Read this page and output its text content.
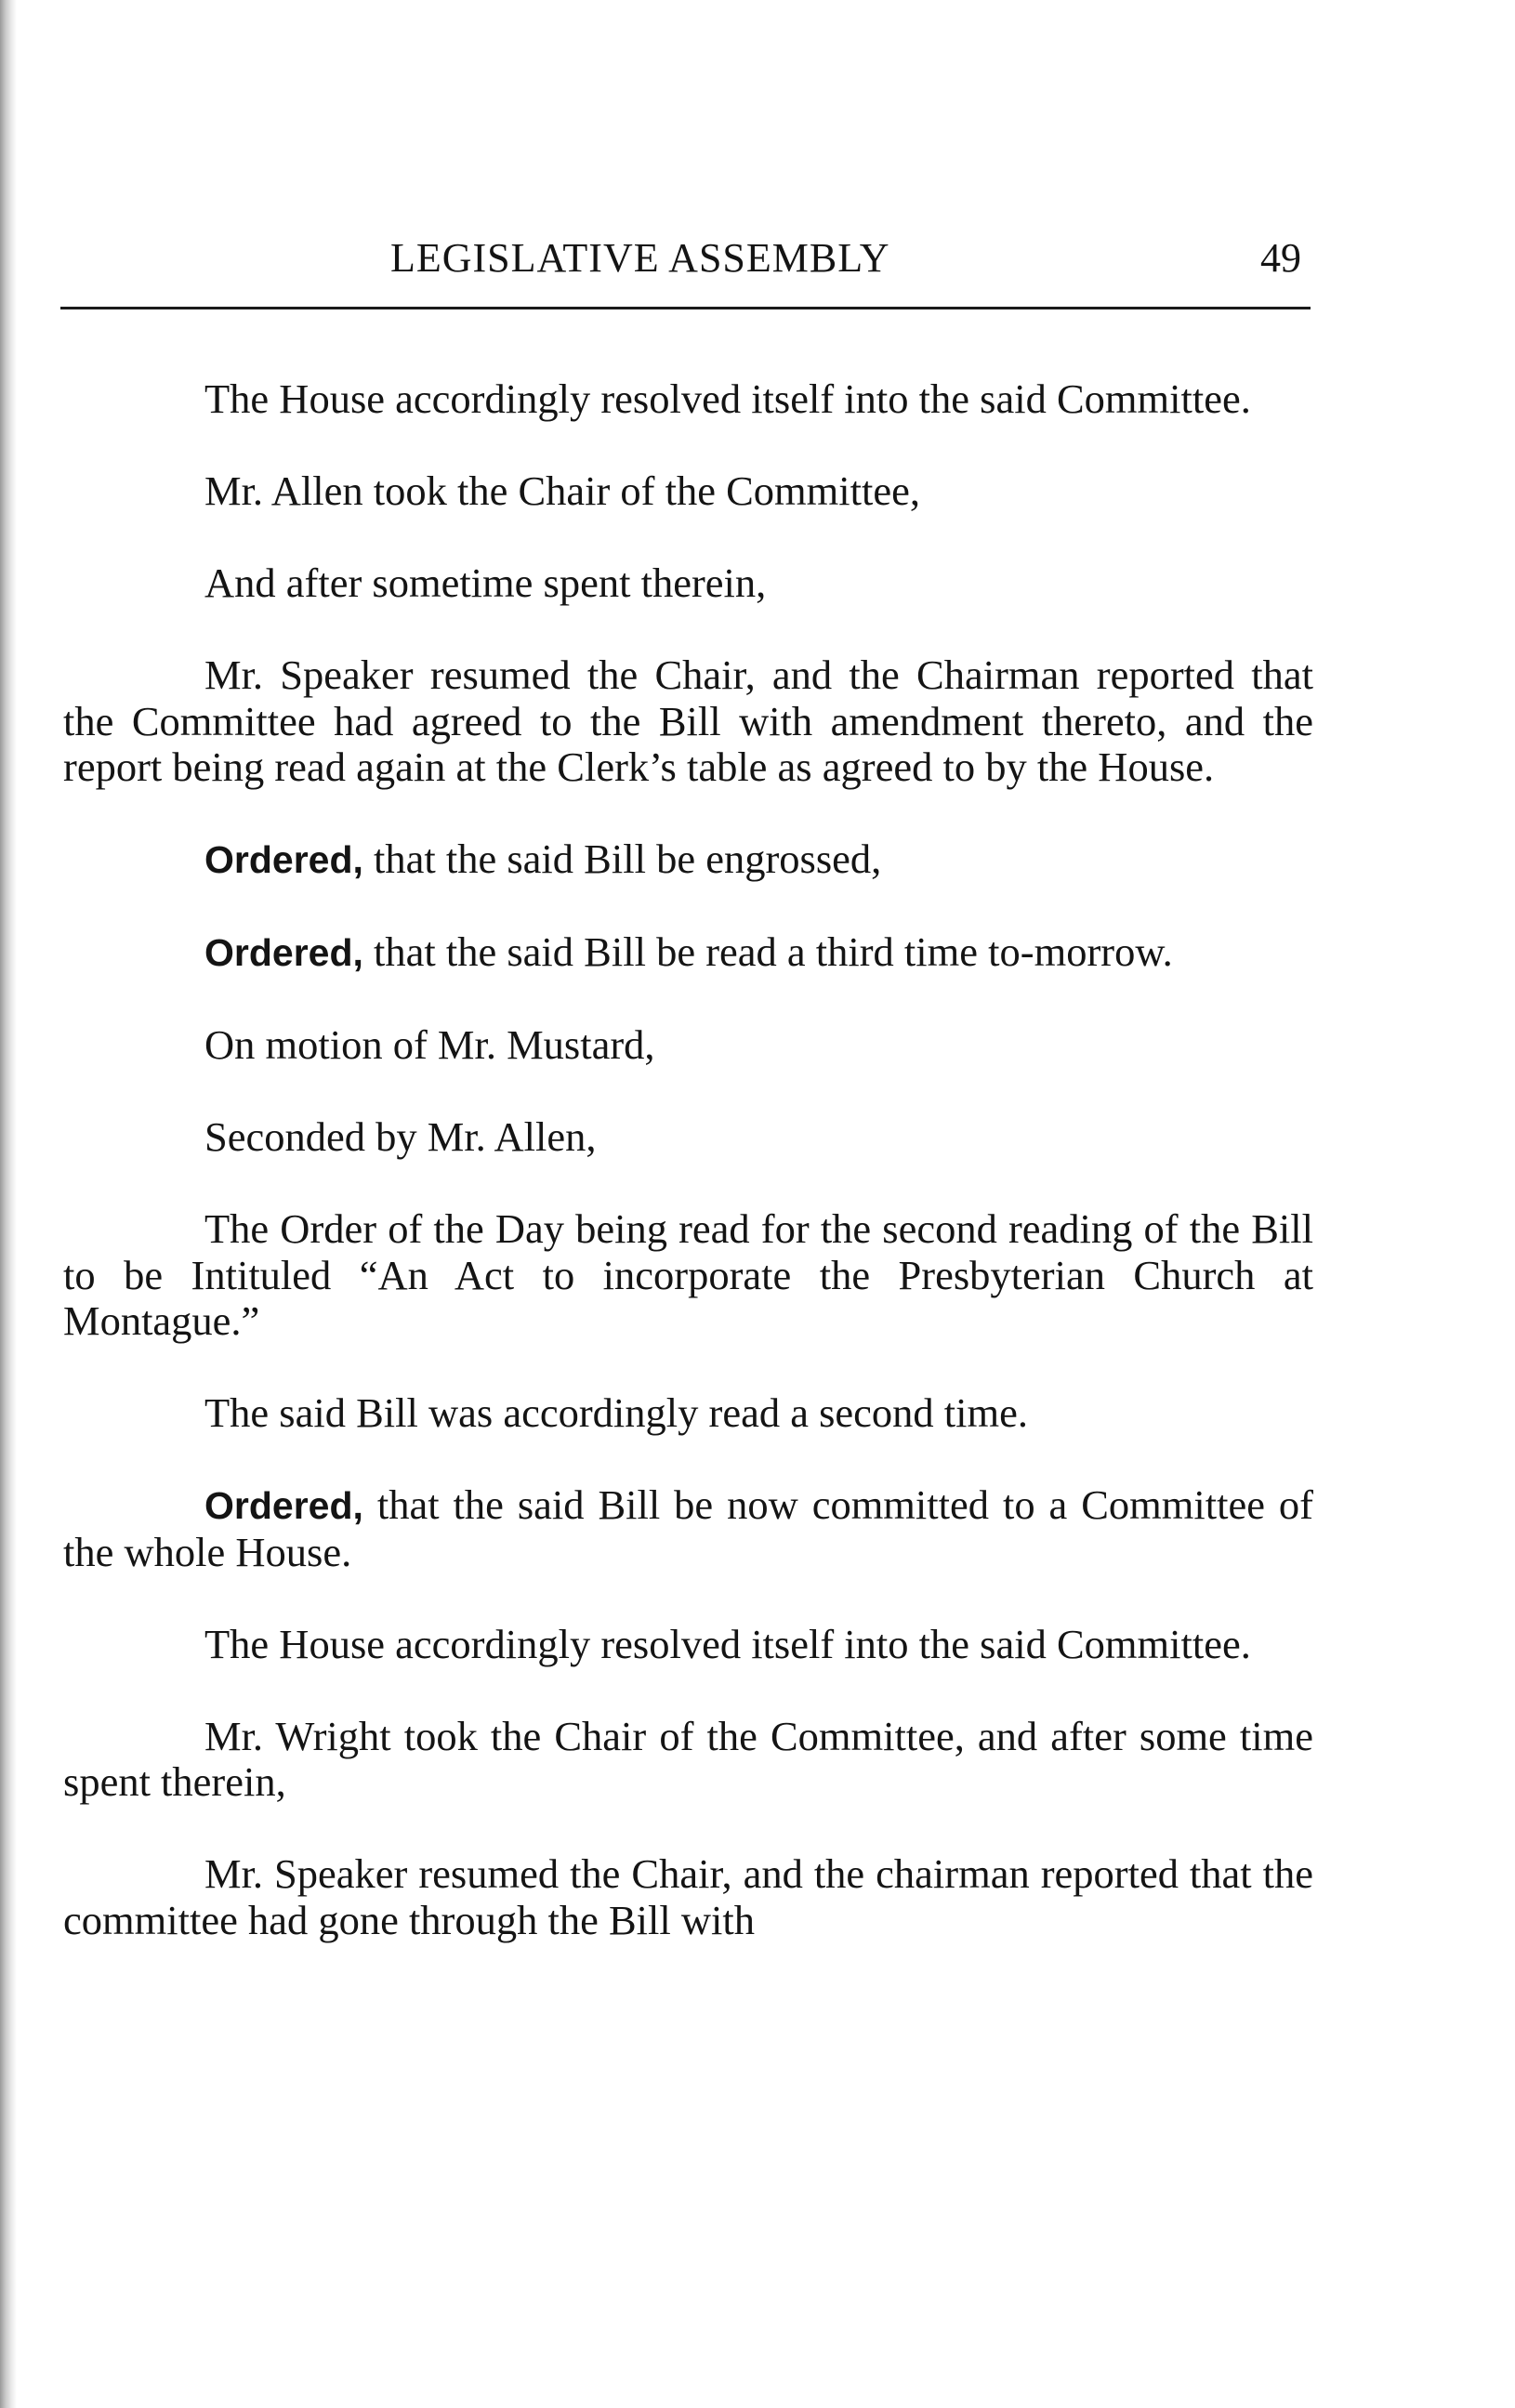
LEGISLATIVE ASSEMBLY	49

The House accordingly resolved itself into the said Committee.

Mr. Allen took the Chair of the Committee,

And after sometime spent therein,

Mr. Speaker resumed the Chair, and the Chairman reported that the Committee had agreed to the Bill with amendment thereto, and the report being read again at the Clerk’s table as agreed to by the House.

Ordered, that the said Bill be engrossed,

Ordered, that the said Bill be read a third time to-morrow.

On motion of Mr. Mustard,

Seconded by Mr. Allen,

The Order of the Day being read for the second reading of the Bill to be Intituled “An Act to incorporate the Presbyterian Church at Montague.”

The said Bill was accordingly read a second time.

Ordered, that the said Bill be now committed to a Committee of the whole House.

The House accordingly resolved itself into the said Committee.

Mr. Wright took the Chair of the Committee, and after some time spent therein,

Mr. Speaker resumed the Chair, and the chairman reported that the committee had gone through the Bill with
